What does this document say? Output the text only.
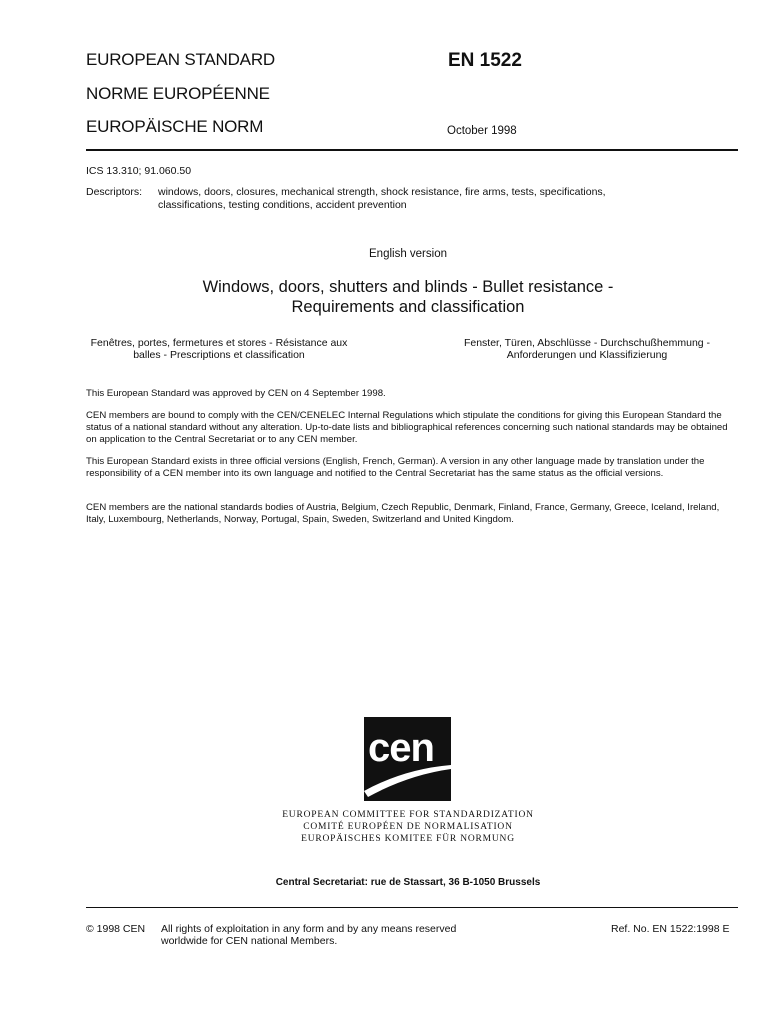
EUROPEAN STANDARD
NORME EUROPÉENNE
EUROPÄISCHE NORM
EN 1522
October 1998
ICS 13.310; 91.060.50
Descriptors: windows, doors, closures, mechanical strength, shock resistance, fire arms, tests, specifications,
classifications, testing conditions, accident prevention
English version
Windows, doors, shutters and blinds - Bullet resistance -
Requirements and classification
Fenêtres, portes, fermetures et stores - Résistance aux
balles - Prescriptions et classification
Fenster, Türen, Abschlüsse - Durchschußhemmung -
Anforderungen und Klassifizierung
This European Standard was approved by CEN on 4 September 1998.
CEN members are bound to comply with the CEN/CENELEC Internal Regulations which stipulate the conditions for giving this European Standard the status of a national standard without any alteration. Up-to-date lists and bibliographical references concerning such national standards may be obtained on application to the Central Secretariat or to any CEN member.
This European Standard exists in three official versions (English, French, German). A version in any other language made by translation under the responsibility of a CEN member into its own language and notified to the Central Secretariat has the same status as the official versions.
CEN members are the national standards bodies of Austria, Belgium, Czech Republic, Denmark, Finland, France, Germany, Greece, Iceland, Ireland, Italy, Luxembourg, Netherlands, Norway, Portugal, Spain, Sweden, Switzerland and United Kingdom.
cen
EUROPEAN COMMITTEE FOR STANDARDIZATION
COMITÉ EUROPÉEN DE NORMALISATION
EUROPÄISCHES KOMITEE FÜR NORMUNG
Central Secretariat: rue de Stassart, 36 B-1050 Brussels
© 1998 CEN All rights of exploitation in any form and by any means reserved
worldwide for CEN national Members.
Ref. No. EN 1522:1998 E
